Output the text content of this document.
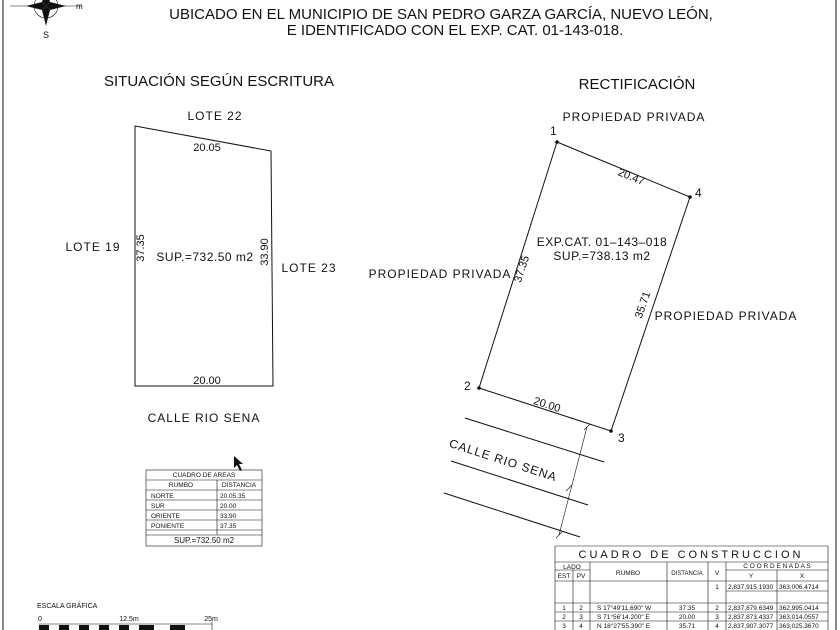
m
S
UBICADO EN EL MUNICIPIO DE SAN PEDRO GARZA GARCÍA, NUEVO LEÓN,
E IDENTIFICADO CON EL EXP. CAT. 01-143-018.
SITUACIÓN SEGÚN ESCRITURA
LOTE 22
LOTE 19
LOTE 23
CALLE RIO SENA
20.05
37.35	33.90
20.00
SUP.=732.50 m2
CUADRO DE AREAS
RUMBO	DISTANCIA
NORTE	20.05.35
SUR	20.00
ORIENTE	33.90
PONIENTE	37.35
SUP.=732.50 m2
RECTIFICACIÓN
1
4
3
2
PROPIEDAD PRIVADA
PROPIEDAD PRIVADA
PROPIEDAD PRIVADA
EXP.CAT. 01–143–018
SUP.=738.13 m2
20.47
37.35
35.71
20.00
CALLE RIO SENA
CUADRO DE CONSTRUCCION
LADO
EST PV	RUMBO	DISTANCIA V
C O O R D E N A D A S
Y	X
1 2,837,915.1930 363,006.4714
1 2 S 17°49'11.690" W	37.35	2 2,837,879.6349 362,995.0414
2 3 S 71°56'14.200" E	20.00	3 2,837,873.4337 363,014.0557
3 4 N 18°27'55.390" E	35.71	4 2,837,907.3077 363,025.3670
ESCALA GRÁFICA
0	12.5m	25m
